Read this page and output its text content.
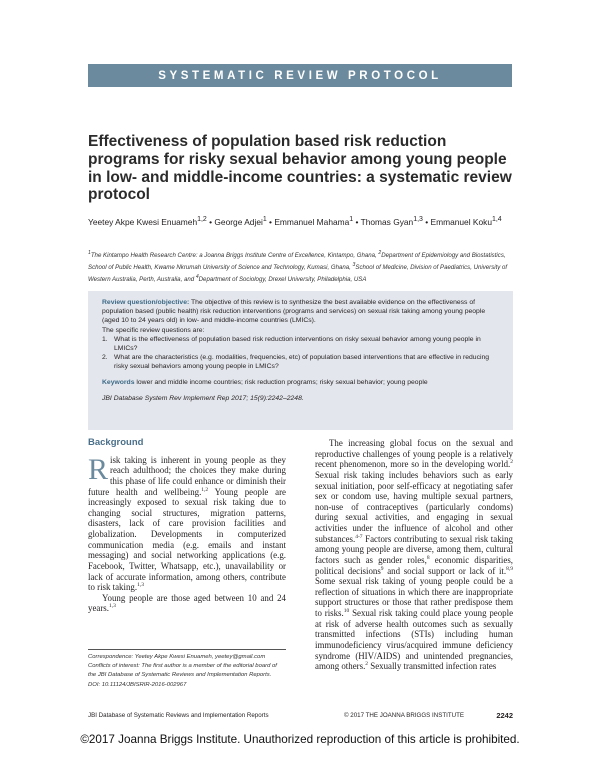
SYSTEMATIC REVIEW PROTOCOL
Effectiveness of population based risk reduction programs for risky sexual behavior among young people in low- and middle-income countries: a systematic review protocol
Yeetey Akpe Kwesi Enuameh$^{1,2}$ • George Adjei$^1$ • Emmanuel Mahama$^1$ • Thomas Gyan$^{1,3}$ • Emmanuel Koku$^{1,4}$
$^1$The Kintampo Health Research Centre: a Joanna Briggs Institute Centre of Excellence, Kintampo, Ghana, $^2$Department of Epidemiology and Biostatistics, School of Public Health, Kwame Nkrumah University of Science and Technology, Kumasi, Ghana, $^3$School of Medicine, Division of Paediatrics, University of Western Australia, Perth, Australia, and $^4$Department of Sociology, Drexel University, Philadelphia, USA
Review question/objective: The objective of this review is to synthesize the best available evidence on the effectiveness of population based (public health) risk reduction interventions (programs and services) on sexual risk taking among young people (aged 10 to 24 years old) in low- and middle-income countries (LMICs).
The specific review questions are:
1. What is the effectiveness of population based risk reduction interventions on risky sexual behavior among young people in LMICs?
2. What are the characteristics (e.g. modalities, frequencies, etc) of population based interventions that are effective in reducing risky sexual behaviors among young people in LMICs?
Keywords lower and middle income countries; risk reduction programs; risky sexual behavior; young people
JBI Database System Rev Implement Rep 2017; 15(9):2242–2248.
Background

Risk taking is inherent in young people as they reach adulthood; the choices they make during this phase of life could enhance or diminish their future health and wellbeing.$^{1,2}$ Young people are increasingly exposed to sexual risk taking due to changing social structures, migration patterns, disasters, lack of care provision facilities and globalization. Developments in computerized communication media (e.g. emails and instant messaging) and social networking applications (e.g. Facebook, Twitter, Whatsapp, etc.), unavailability or lack of accurate information, among others, contribute to risk taking.$^{1,3}$

Young people are those aged between 10 and 24 years.$^{1,3}$

The increasing global focus on the sexual and reproductive challenges of young people is a relatively recent phenomenon, more so in the developing world.$^2$ Sexual risk taking includes behaviors such as early sexual initiation, poor self-efficacy at negotiating safer sex or condom use, having multiple sexual partners, non-use of contraceptives (particularly condoms) during sexual activities, and engaging in sexual activities under the influence of alcohol and other substances.$^{4-7}$ Factors contributing to sexual risk taking among young people are diverse, among them, cultural factors such as gender roles,$^8$ economic disparities, political decisions$^9$ and social support or lack of it.$^{8,9}$ Some sexual risk taking of young people could be a reflection of situations in which there are inappropriate support structures or those that rather predispose them to risks.$^{10}$ Sexual risk taking could place young people at risk of adverse health outcomes such as sexually transmitted infections (STIs) including human immunodeficiency virus/acquired immune deficiency syndrome (HIV/AIDS) and unintended pregnancies, among others.$^2$ Sexually transmitted infection rates

Correspondence: Yeetey Akpe Kwesi Enuameh, yeetey@gmail.com
Conflicts of interest: The first author is a member of the editorial board of the JBI Database of Systematic Reviews and Implementation Reports.
DOI: 10.11124/JBISRIR-2016-002967
JBI Database of Systematic Reviews and Implementation Reports	© 2017 THE JOANNA BRIGGS INSTITUTE	2242
©2017 Joanna Briggs Institute. Unauthorized reproduction of this article is prohibited.
